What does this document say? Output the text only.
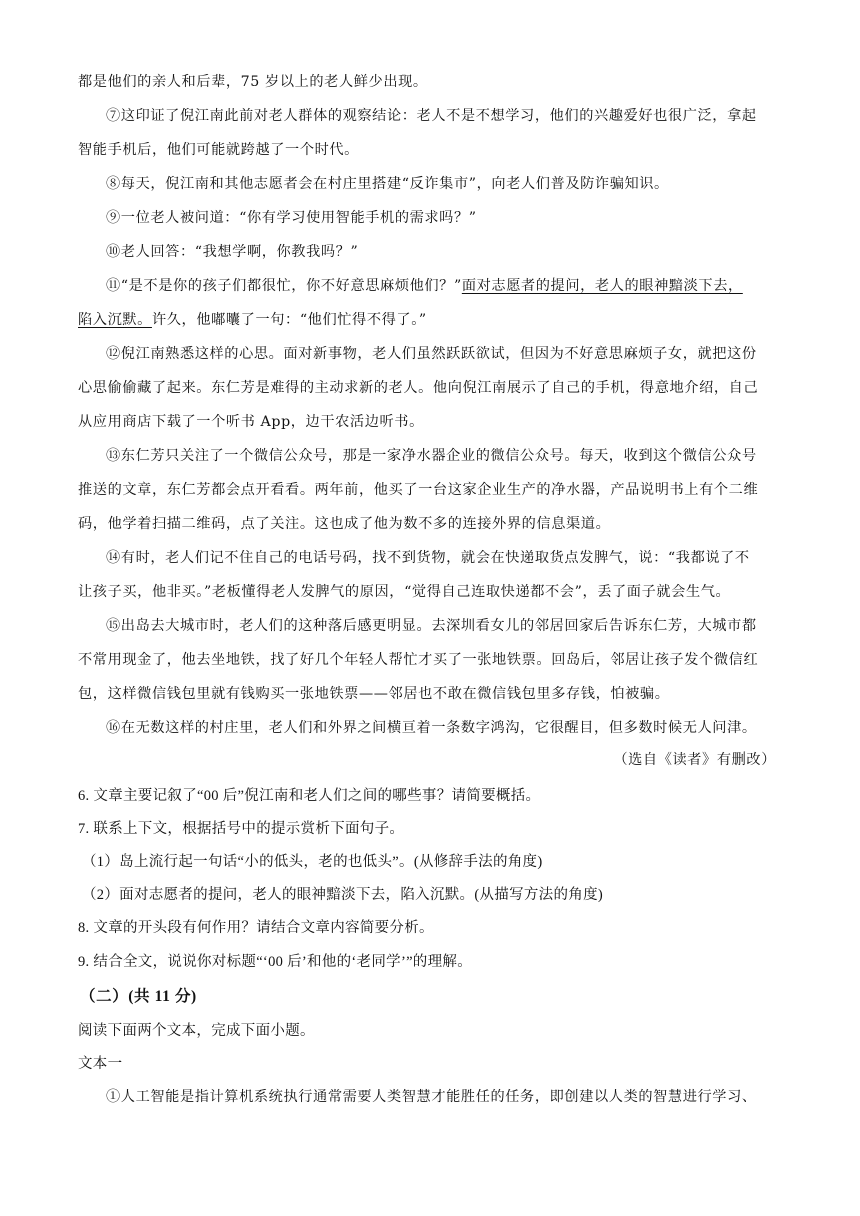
都是他们的亲人和后辈，75 岁以上的老人鲜少出现。
⑦这印证了倪江南此前对老人群体的观察结论：老人不是不想学习，他们的兴趣爱好也很广泛，拿起
智能手机后，他们可能就跨越了一个时代。
⑧每天，倪江南和其他志愿者会在村庄里搭建“反诈集市”，向老人们普及防诈骗知识。
⑨一位老人被问道：“你有学习使用智能手机的需求吗？”
⑩老人回答：“我想学啊，你教我吗？”
⑪“是不是你的孩子们都很忙，你不好意思麻烦他们？”面对志愿者的提问，老人的眼神黯淡下去，
陷入沉默。许久，他嘟囔了一句：“他们忙得不得了。”
⑫倪江南熟悉这样的心思。面对新事物，老人们虽然跃跃欲试，但因为不好意思麻烦子女，就把这份
心思偷偷藏了起来。东仁芳是难得的主动求新的老人。他向倪江南展示了自己的手机，得意地介绍，自己
从应用商店下载了一个听书 App，边干农活边听书。
⑬东仁芳只关注了一个微信公众号，那是一家净水器企业的微信公众号。每天，收到这个微信公众号
推送的文章，东仁芳都会点开看看。两年前，他买了一台这家企业生产的净水器，产品说明书上有个二维
码，他学着扫描二维码，点了关注。这也成了他为数不多的连接外界的信息渠道。
⑭有时，老人们记不住自己的电话号码，找不到货物，就会在快递取货点发脾气，说：“我都说了不
让孩子买，他非买。”老板懂得老人发脾气的原因，“觉得自己连取快递都不会”，丢了面子就会生气。
⑮出岛去大城市时，老人们的这种落后感更明显。去深圳看女儿的邻居回家后告诉东仁芳，大城市都
不常用现金了，他去坐地铁，找了好几个年轻人帮忙才买了一张地铁票。回岛后，邻居让孩子发个微信红
包，这样微信钱包里就有钱购买一张地铁票——邻居也不敢在微信钱包里多存钱，怕被骗。
⑯在无数这样的村庄里，老人们和外界之间横亘着一条数字鸿沟，它很醒目，但多数时候无人问津。
（选自《读者》有删改）
6. 文章主要记叙了“00 后”倪江南和老人们之间的哪些事？请简要概括。
7. 联系上下文，根据括号中的提示赏析下面句子。
（1）岛上流行起一句话“小的低头，老的也低头”。(从修辞手法的角度)
（2）面对志愿者的提问，老人的眼神黯淡下去，陷入沉默。(从描写方法的角度)
8. 文章的开头段有何作用？请结合文章内容简要分析。
9. 结合全文，说说你对标题“‘00 后’和他的‘老同学’”的理解。
（二）(共 11 分)
阅读下面两个文本，完成下面小题。
文本一
①人工智能是指计算机系统执行通常需要人类智慧才能胜任的任务，即创建以人类的智慧进行学习、
